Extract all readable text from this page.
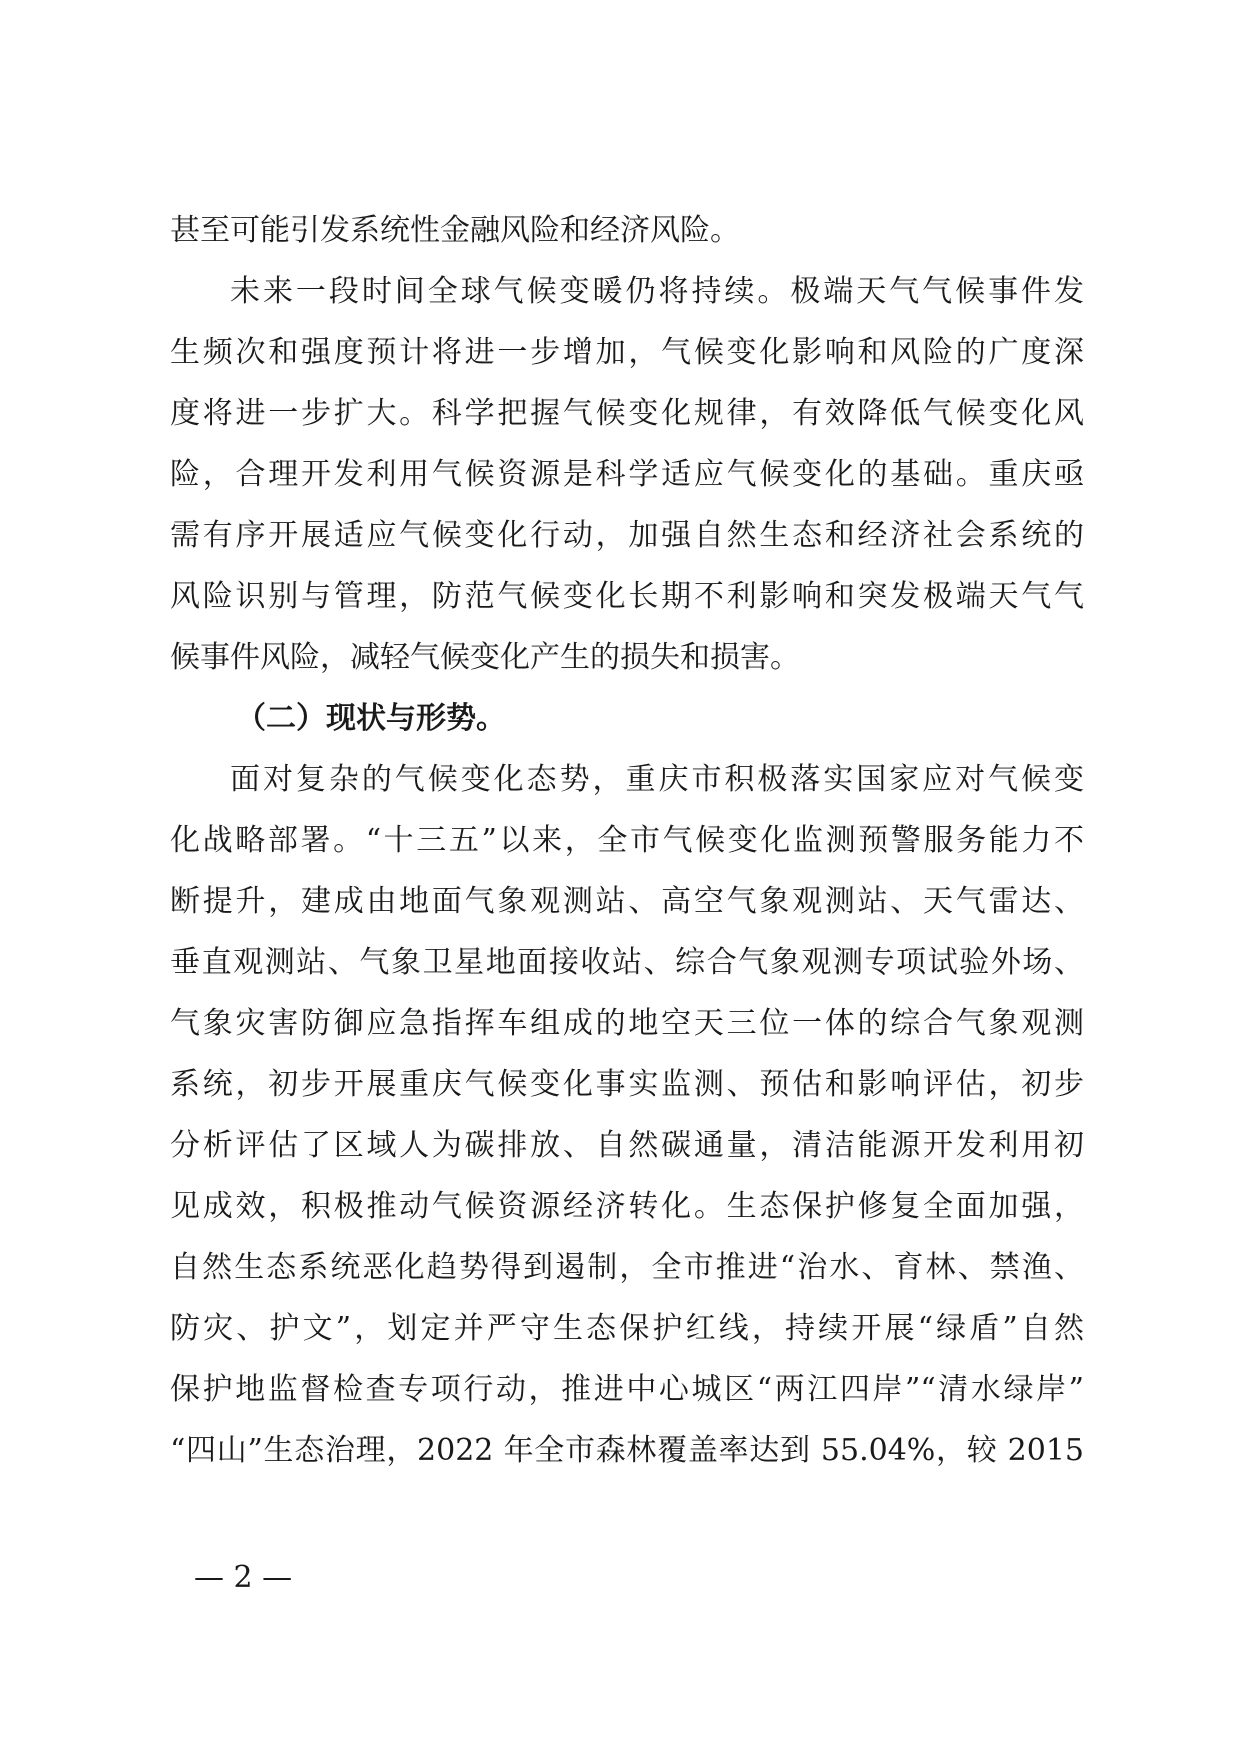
甚至可能引发系统性金融风险和经济风险。
未来一段时间全球气候变暖仍将持续。极端天气气候事件发
生频次和强度预计将进一步增加，气候变化影响和风险的广度深
度将进一步扩大。科学把握气候变化规律，有效降低气候变化风
险，合理开发利用气候资源是科学适应气候变化的基础。重庆亟
需有序开展适应气候变化行动，加强自然生态和经济社会系统的
风险识别与管理，防范气候变化长期不利影响和突发极端天气气
候事件风险，减轻气候变化产生的损失和损害。
（二）现状与形势。
面对复杂的气候变化态势，重庆市积极落实国家应对气候变
化战略部署。“十三五”以来，全市气候变化监测预警服务能力不
断提升，建成由地面气象观测站、高空气象观测站、天气雷达、
垂直观测站、气象卫星地面接收站、综合气象观测专项试验外场、
气象灾害防御应急指挥车组成的地空天三位一体的综合气象观测
系统，初步开展重庆气候变化事实监测、预估和影响评估，初步
分析评估了区域人为碳排放、自然碳通量，清洁能源开发利用初
见成效，积极推动气候资源经济转化。生态保护修复全面加强，
自然生态系统恶化趋势得到遏制，全市推进“治水、育林、禁渔、
防灾、护文”，划定并严守生态保护红线，持续开展“绿盾”自然
保护地监督检查专项行动，推进中心城区“两江四岸”“清水绿岸”
“四山”生态治理，2022 年全市森林覆盖率达到 55.04%，较 2015
— 2 —
